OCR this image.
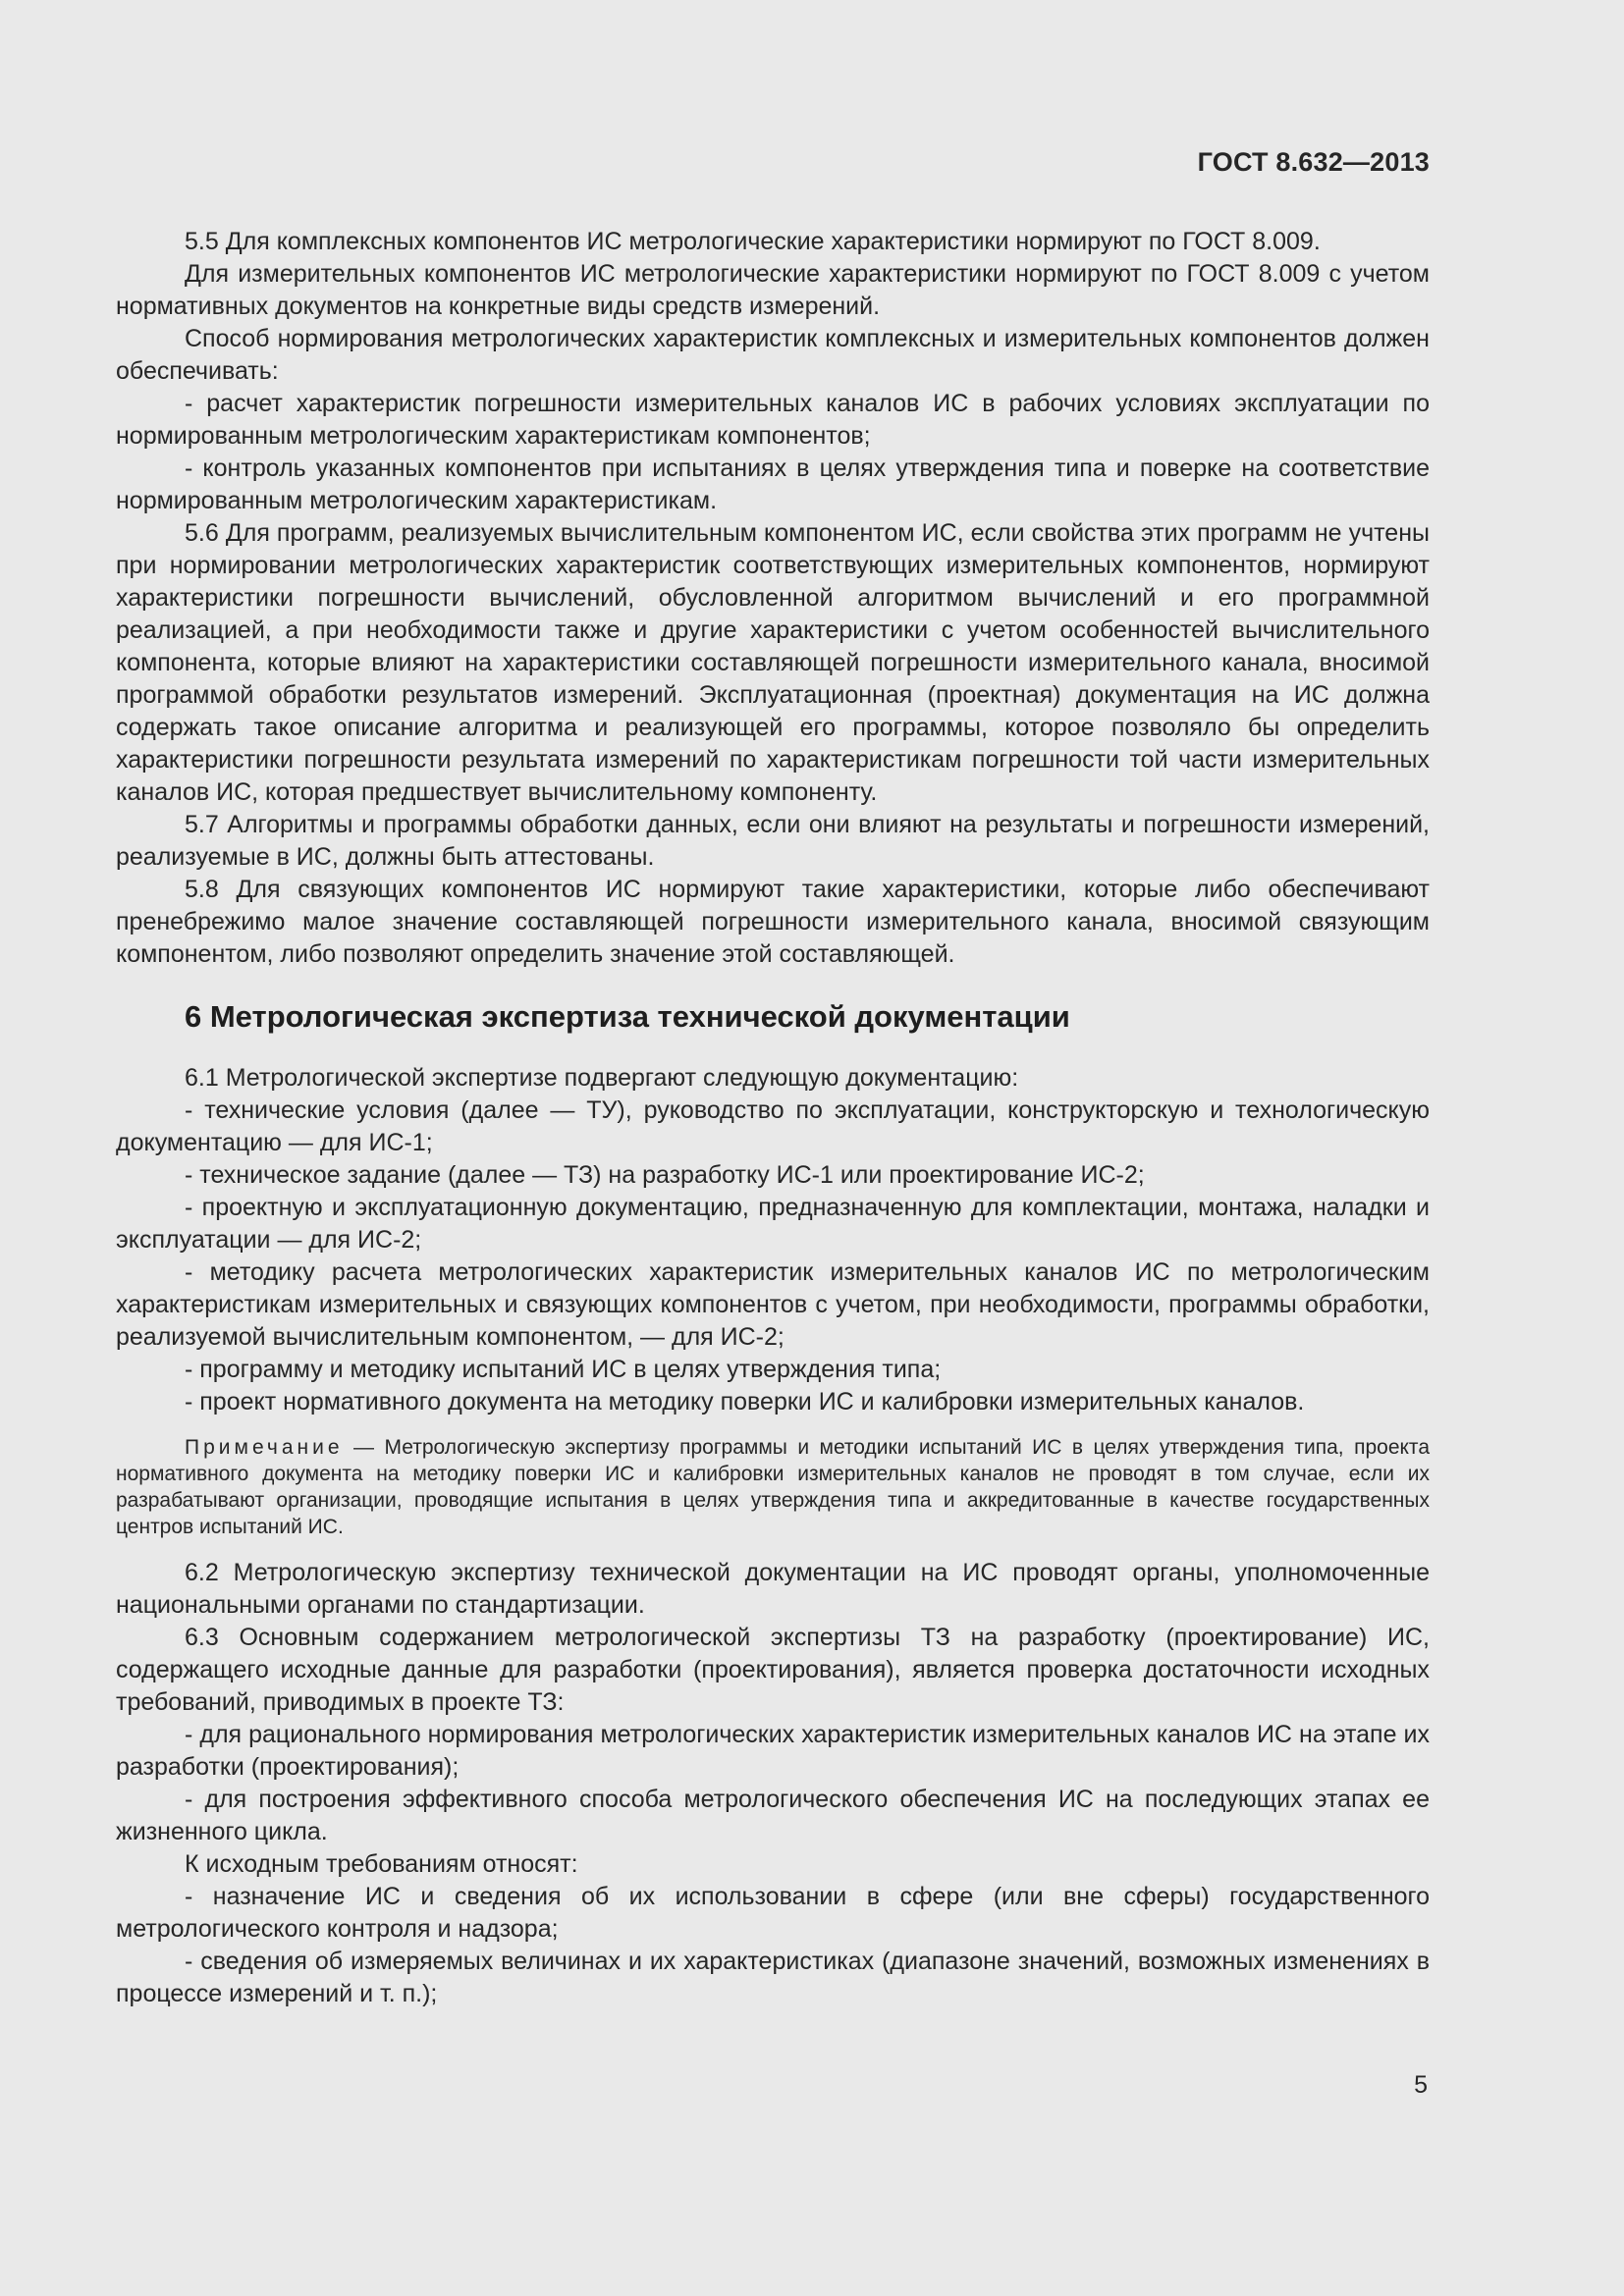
ГОСТ 8.632—2013

5.5 Для комплексных компонентов ИС метрологические характеристики нормируют по ГОСТ 8.009.

Для измерительных компонентов ИС метрологические характеристики нормируют по ГОСТ 8.009 с учетом нормативных документов на конкретные виды средств измерений.

Способ нормирования метрологических характеристик комплексных и измерительных компонентов должен обеспечивать:

- расчет характеристик погрешности измерительных каналов ИС в рабочих условиях эксплуатации по нормированным метрологическим характеристикам компонентов;

- контроль указанных компонентов при испытаниях в целях утверждения типа и поверке на соответствие нормированным метрологическим характеристикам.

5.6 Для программ, реализуемых вычислительным компонентом ИС, если свойства этих программ не учтены при нормировании метрологических характеристик соответствующих измерительных компонентов, нормируют характеристики погрешности вычислений, обусловленной алгоритмом вычислений и его программной реализацией, а при необходимости также и другие характеристики с учетом особенностей вычислительного компонента, которые влияют на характеристики составляющей погрешности измерительного канала, вносимой программой обработки результатов измерений. Эксплуатационная (проектная) документация на ИС должна содержать такое описание алгоритма и реализующей его программы, которое позволяло бы определить характеристики погрешности результата измерений по характеристикам погрешности той части измерительных каналов ИС, которая предшествует вычислительному компоненту.

5.7 Алгоритмы и программы обработки данных, если они влияют на результаты и погрешности измерений, реализуемые в ИС, должны быть аттестованы.

5.8 Для связующих компонентов ИС нормируют такие характеристики, которые либо обеспечивают пренебрежимо малое значение составляющей погрешности измерительного канала, вносимой связующим компонентом, либо позволяют определить значение этой составляющей.

6 Метрологическая экспертиза технической документации

6.1 Метрологической экспертизе подвергают следующую документацию:

- технические условия (далее — ТУ), руководство по эксплуатации, конструкторскую и технологическую документацию — для ИС-1;

- техническое задание (далее — ТЗ) на разработку ИС-1 или проектирование ИС-2;

- проектную и эксплуатационную документацию, предназначенную для комплектации, монтажа, наладки и эксплуатации — для ИС-2;

- методику расчета метрологических характеристик измерительных каналов ИС по метрологическим характеристикам измерительных и связующих компонентов с учетом, при необходимости, программы обработки, реализуемой вычислительным компонентом, — для ИС-2;

- программу и методику испытаний ИС в целях утверждения типа;

- проект нормативного документа на методику поверки ИС и калибровки измерительных каналов.

Примечание — Метрологическую экспертизу программы и методики испытаний ИС в целях утверждения типа, проекта нормативного документа на методику поверки ИС и калибровки измерительных каналов не проводят в том случае, если их разрабатывают организации, проводящие испытания в целях утверждения типа и аккредитованные в качестве государственных центров испытаний ИС.

6.2 Метрологическую экспертизу технической документации на ИС проводят органы, уполномоченные национальными органами по стандартизации.

6.3 Основным содержанием метрологической экспертизы ТЗ на разработку (проектирование) ИС, содержащего исходные данные для разработки (проектирования), является проверка достаточности исходных требований, приводимых в проекте ТЗ:

- для рационального нормирования метрологических характеристик измерительных каналов ИС на этапе их разработки (проектирования);

- для построения эффективного способа метрологического обеспечения ИС на последующих этапах ее жизненного цикла.

К исходным требованиям относят:

- назначение ИС и сведения об их использовании в сфере (или вне сферы) государственного метрологического контроля и надзора;

- сведения об измеряемых величинах и их характеристиках (диапазоне значений, возможных изменениях в процессе измерений и т. п.);

5
